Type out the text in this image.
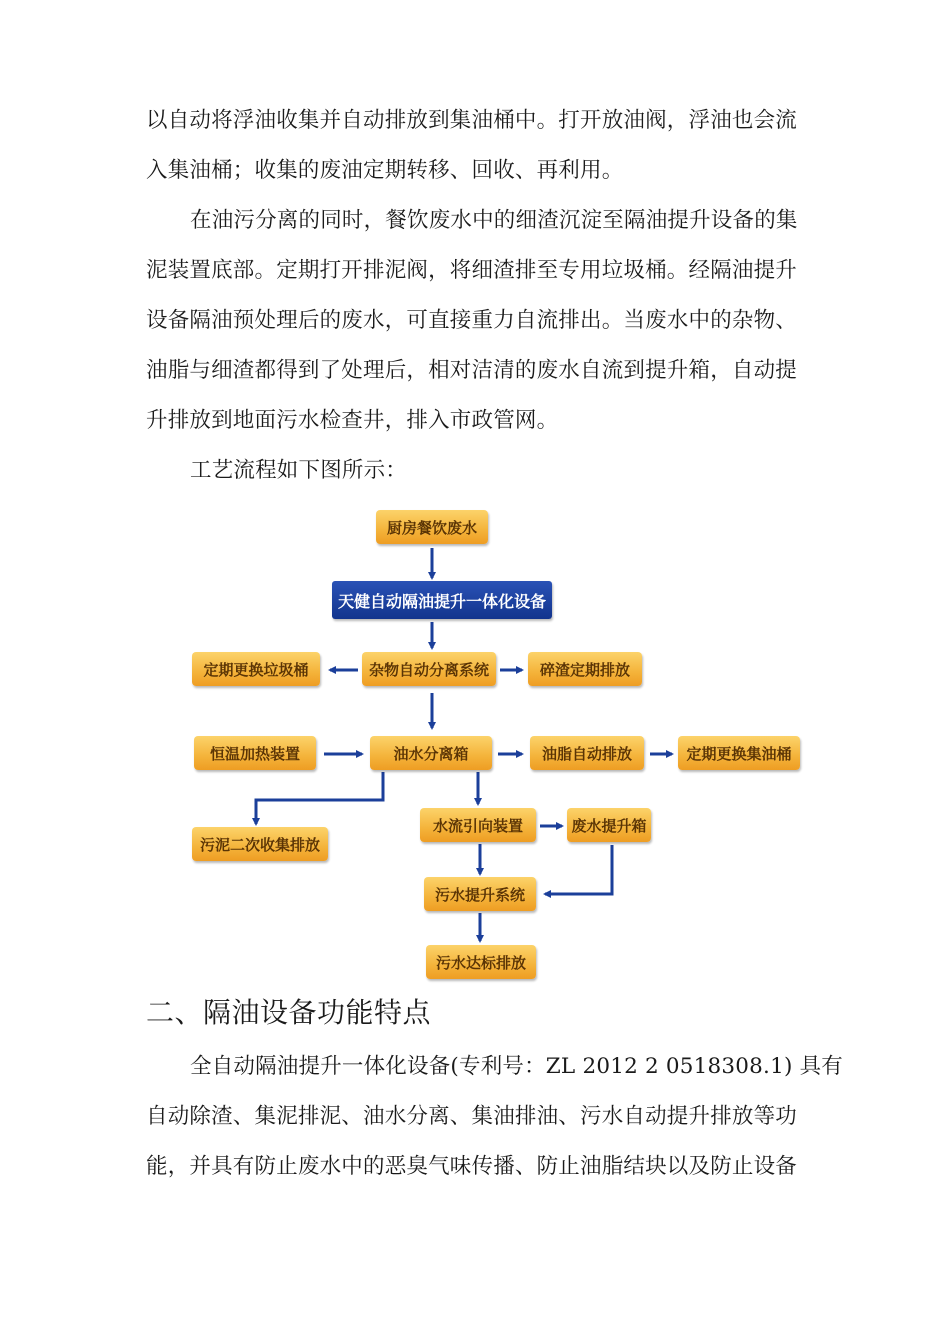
以自动将浮油收集并自动排放到集油桶中。打开放油阀，浮油也会流
入集油桶；收集的废油定期转移、回收、再利用。
在油污分离的同时，餐饮废水中的细渣沉淀至隔油提升设备的集
泥装置底部。定期打开排泥阀，将细渣排至专用垃圾桶。经隔油提升
设备隔油预处理后的废水，可直接重力自流排出。当废水中的杂物、
油脂与细渣都得到了处理后，相对洁清的废水自流到提升箱，自动提
升排放到地面污水检查井，排入市政管网。
工艺流程如下图所示：
厨房餐饮废水
天健自动隔油提升一体化设备
杂物自动分离系统
定期更换垃圾桶	碎渣定期排放
恒温加热装置	油水分离箱	油脂自动排放	定期更换集油桶
污泥二次收集排放
水流引向装置	废水提升箱
污水提升系统
污水达标排放
二、隔油设备功能特点
全自动隔油提升一体化设备(专利号：ZL 2012 2 0518308.1) 具有
自动除渣、集泥排泥、油水分离、集油排油、污水自动提升排放等功
能，并具有防止废水中的恶臭气味传播、防止油脂结块以及防止设备
